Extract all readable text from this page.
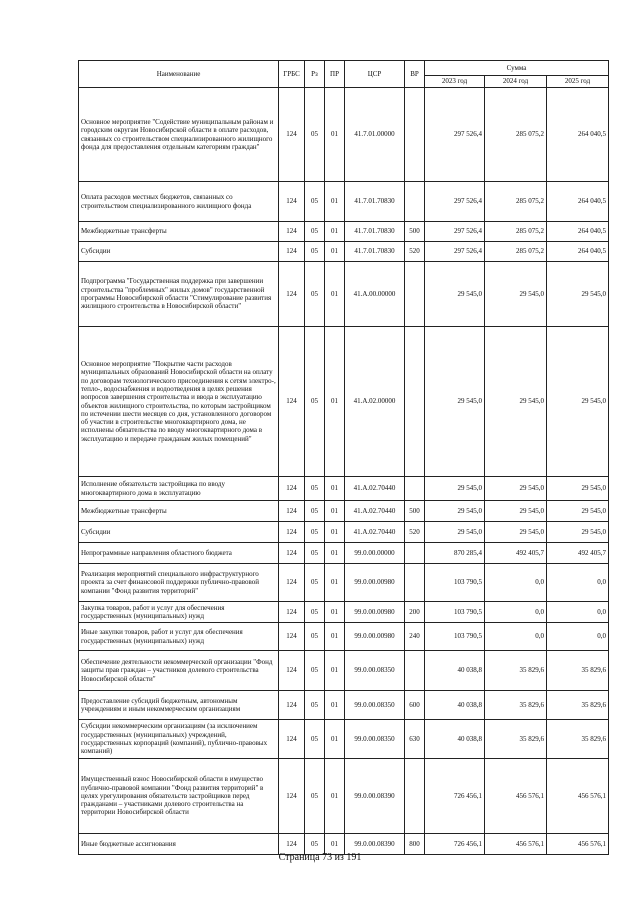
Наименование	ГРБС	Рз	ПР	ЦСР	ВР	Сумма		
						2023 год	2024 год	2025 год
Основное мероприятие "Содействие муниципальным районам и городским округам Новосибирской области в оплате расходов, связанных со строительством специализированного жилищного фонда для предоставления отдельным категориям граждан"	124	05	01	41.7.01.00000		297 526,4	285 075,2	264 040,5
Оплата расходов местных бюджетов, связанных со строительством специализированного жилищного фонда	124	05	01	41.7.01.70830		297 526,4	285 075,2	264 040,5
Межбюджетные трансферты	124	05	01	41.7.01.70830	500	297 526,4	285 075,2	264 040,5
Субсидии	124	05	01	41.7.01.70830	520	297 526,4	285 075,2	264 040,5
Подпрограмма "Государственная поддержка при завершении строительства "проблемных" жилых домов" государственной программы Новосибирской области "Стимулирование развития жилищного строительства в Новосибирской области"	124	05	01	41.А.00.00000		29 545,0	29 545,0	29 545,0
Основное мероприятие "Покрытие части расходов муниципальных образований Новосибирской области на оплату по договорам технологического присоединения к сетям электро-, тепло-, водоснабжения и водоотведения в целях решения вопросов завершения строительства и ввода в эксплуатацию объектов жилищного строительства, по которым застройщиком по истечении шести месяцев со дня, установленного договором об участии в строительстве многоквартирного дома, не исполнены обязательства по вводу многоквартирного дома в эксплуатацию и передаче гражданам жилых помещений"	124	05	01	41.А.02.00000		29 545,0	29 545,0	29 545,0
Исполнение обязательств застройщика по вводу многоквартирного дома в эксплуатацию	124	05	01	41.А.02.70440		29 545,0	29 545,0	29 545,0
Межбюджетные трансферты	124	05	01	41.А.02.70440	500	29 545,0	29 545,0	29 545,0
Субсидии	124	05	01	41.А.02.70440	520	29 545,0	29 545,0	29 545,0
Непрограммные направления областного бюджета	124	05	01	99.0.00.00000		870 285,4	492 405,7	492 405,7
Реализация мероприятий специального инфраструктурного проекта за счет финансовой поддержки публично-правовой компании "Фонд развития территорий"	124	05	01	99.0.00.00980		103 790,5	0,0	0,0
Закупка товаров, работ и услуг для обеспечения государственных (муниципальных) нужд	124	05	01	99.0.00.00980	200	103 790,5	0,0	0,0
Иные закупки товаров, работ и услуг для обеспечения государственных (муниципальных) нужд	124	05	01	99.0.00.00980	240	103 790,5	0,0	0,0
Обеспечение деятельности некоммерческой организации "Фонд защиты прав граждан – участников долевого строительства Новосибирской области"	124	05	01	99.0.00.08350		40 038,8	35 829,6	35 829,6
Предоставление субсидий бюджетным, автономным учреждениям и иным некоммерческим организациям	124	05	01	99.0.00.08350	600	40 038,8	35 829,6	35 829,6
Субсидии некоммерческим организациям (за исключением государственных (муниципальных) учреждений, государственных корпораций (компаний), публично-правовых компаний)	124	05	01	99.0.00.08350	630	40 038,8	35 829,6	35 829,6
Имущественный взнос Новосибирской области в имущество публично-правовой компании "Фонд развития территорий" в целях урегулирования обязательств застройщиков перед гражданами – участниками долевого строительства на территории Новосибирской области	124	05	01	99.0.00.08390		726 456,1	456 576,1	456 576,1
Иные бюджетные ассигнования	124	05	01	99.0.00.08390	800	726 456,1	456 576,1	456 576,1
Страница 73 из 191
